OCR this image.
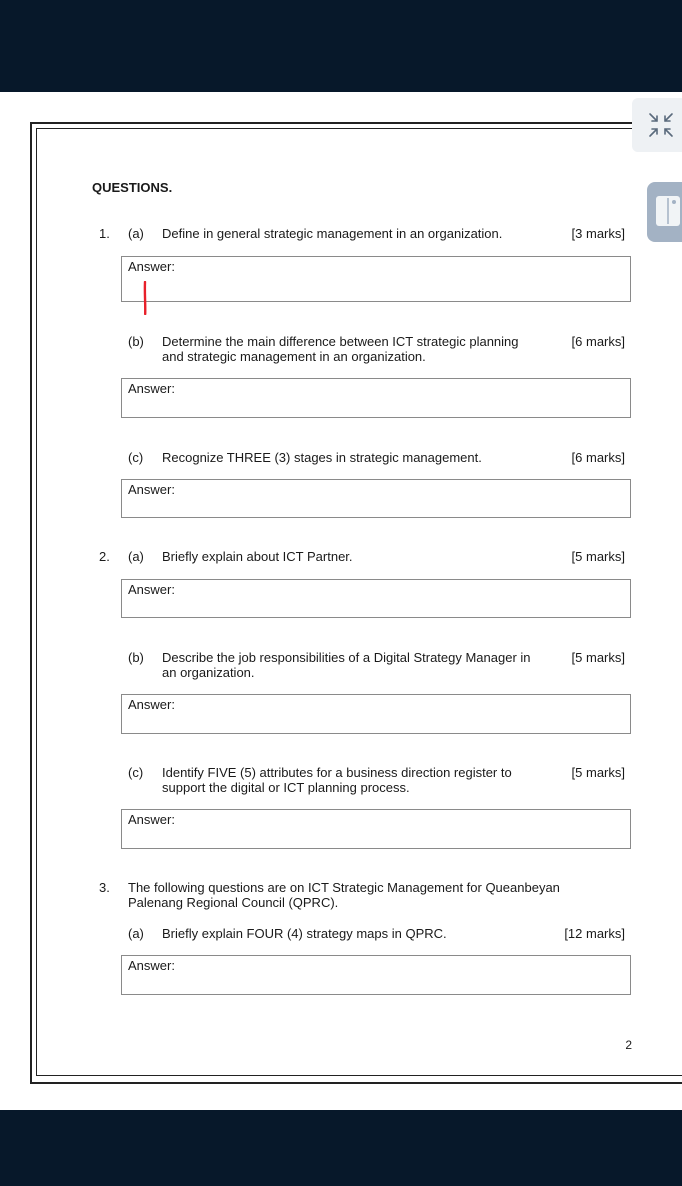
QUESTIONS.
1. (a) Define in general strategic management in an organization.	[3 marks]
Answer:
(b) Determine the main difference between ICT strategic planning
and strategic management in an organization.
[6 marks]
Answer:
(c) Recognize THREE (3) stages in strategic management.	[6 marks]
Answer:
2. (a) Briefly explain about ICT Partner.	[5 marks]
Answer:
(b) Describe the job responsibilities of a Digital Strategy Manager in
an organization.
[5 marks]
Answer:
(c) Identify FIVE (5) attributes for a business direction register to
support the digital or ICT planning process.
[5 marks]
Answer:
3. The following questions are on ICT Strategic Management for Queanbeyan
Palenang Regional Council (QPRC).
(a) Briefly explain FOUR (4) strategy maps in QPRC.	[12 marks]
Answer:
2
